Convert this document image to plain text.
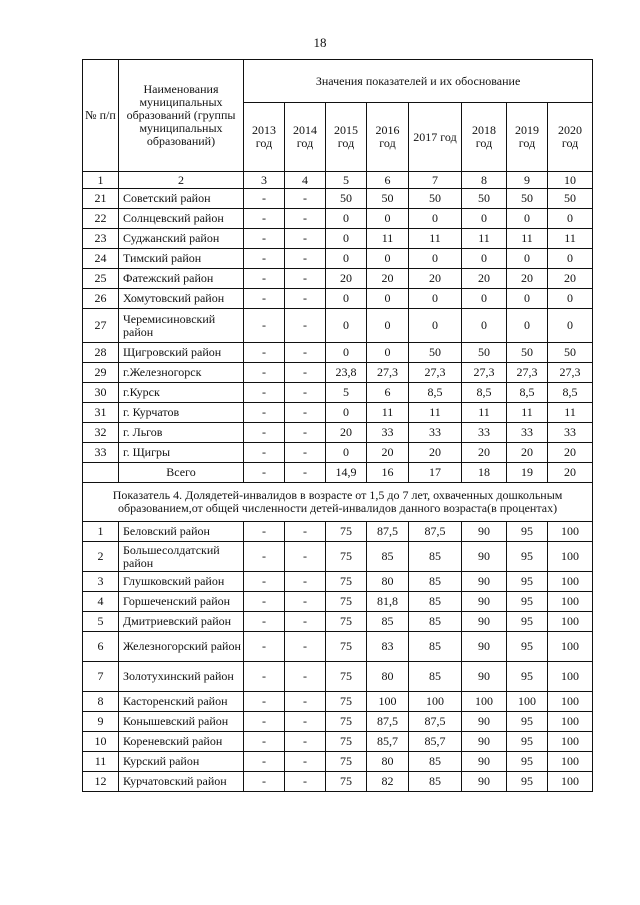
18
№ п/п	Наименования муниципальных образований (группы муниципальных образований)	Значения показателей и их обоснование							
		2013 год	2014 год	2015 год	2016 год	2017 год	2018 год	2019 год	2020 год
1	2	3	4	5	6	7	8	9	10
21	Советский район	-	-	50	50	50	50	50	50
22	Солнцевский район	-	-	0	0	0	0	0	0
23	Суджанский район	-	-	0	11	11	11	11	11
24	Тимский район	-	-	0	0	0	0	0	0
25	Фатежский район	-	-	20	20	20	20	20	20
26	Хомутовский район	-	-	0	0	0	0	0	0
27	Черемисиновский район	-	-	0	0	0	0	0	0
28	Щигровский район	-	-	0	0	50	50	50	50
29	г.Железногорск	-	-	23,8	27,3	27,3	27,3	27,3	27,3
30	г.Курск	-	-	5	6	8,5	8,5	8,5	8,5
31	г. Курчатов	-	-	0	11	11	11	11	11
32	г. Льгов	-	-	20	33	33	33	33	33
33	г. Щигры	-	-	0	20	20	20	20	20
	Всего	-	-	14,9	16	17	18	19	20
Показатель 4. Долядетей-инвалидов в возрасте от 1,5 до 7 лет, охваченных дошкольным образованием,от общей численности детей-инвалидов данного возраста(в процентах)									
1	Беловский район	-	-	75	87,5	87,5	90	95	100
2	Большесолдатский район	-	-	75	85	85	90	95	100
3	Глушковский район	-	-	75	80	85	90	95	100
4	Горшеченский район	-	-	75	81,8	85	90	95	100
5	Дмитриевский район	-	-	75	85	85	90	95	100
6	Железногорский район	-	-	75	83	85	90	95	100
7	Золотухинский район	-	-	75	80	85	90	95	100
8	Касторенский район	-	-	75	100	100	100	100	100
9	Конышевский район	-	-	75	87,5	87,5	90	95	100
10	Кореневский район	-	-	75	85,7	85,7	90	95	100
11	Курский район	-	-	75	80	85	90	95	100
12	Курчатовский район	-	-	75	82	85	90	95	100
